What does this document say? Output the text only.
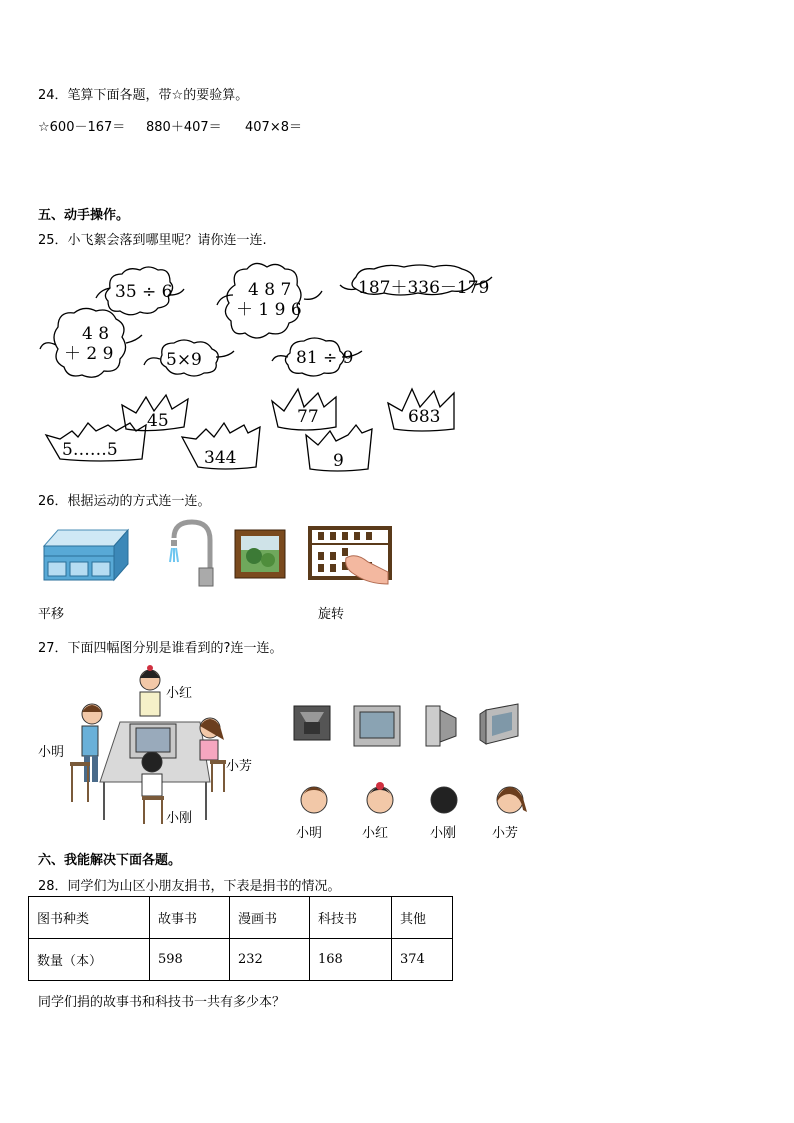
24．笔算下面各题，带☆的要验算。
☆600－167＝ 880＋407＝ 407×8＝
五、动手操作。
25．小飞絮会落到哪里呢？请你连一连.
35 ÷ 6	4 8 7
＋ 1 9 6
187＋336－179
4 8
＋ 2 9	5×9	81 ÷ 9
45	77	683
5……5	344	9
26．根据运动的方式连一连。
平移	旋转
27．下面四幅图分别是谁看到的?连一连。
小红
小明
小芳
小刚
小明	小红	小刚	小芳
六、我能解决下面各题。
28．同学们为山区小朋友捐书，下表是捐书的情况。
图书种类	故事书	漫画书	科技书	其他
数量（本）	598	232	168	374
同学们捐的故事书和科技书一共有多少本？
